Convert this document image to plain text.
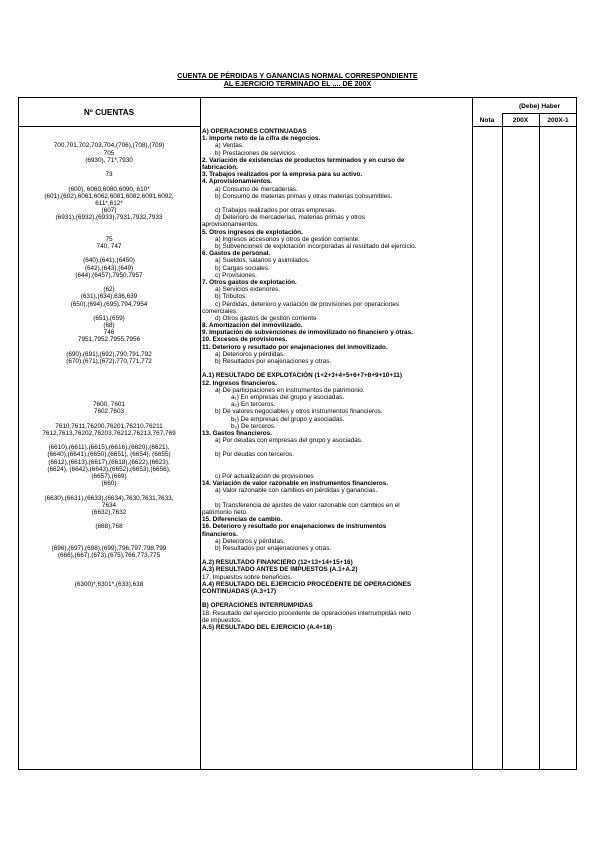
CUENTA DE PÉRDIDAS Y GANANCIAS NORMAL CORRESPONDIENTE
AL EJERCICIO TERMINADO EL .... DE 200X
Nº CUENTAS
Nota
(Debe) Haber
200X	200X-1
700,701,702,703,704,(706),(708),(709)
705
(6930), 71*,7930
73
(600), 6060,6080,6090, 610*
(601),(602),6061,6062,6081,6082,6091,6092,
611*,612*
(607)
(6931),(6932),(6933),7931,7932,7933
75
740, 747
(640),(641),(6450)
(642),(643),(649)
(644),(6457),7950,7957
(62)
(631),(634),636,639
(650),(694),(695),794,7954
(651),(659)
(68)
746
7951,7952,7955,7956
(690),(691),(692),790,791,792
(670),(671),(672),770,771,772
7600, 7601
7602,7603
7610,7611,76200,76201,76210,76211
7612,7613,76202,76203,76212,76213,767,769
(6610),(6611),(6615),(6616),(6620),(6621),
(6640),(6641),(6650),(6651), (6654), (6655)
(6612),(6613),(6617),(6618),(6622),(6623),
(6624), (6642),(6643),(6652),(6653),(6656),
(6657),(669)
(660)
(6630),(6631),(6633),(6634),7630,7631,7633,
7634
(6632),7632
(668),768
(696),(697),(698),(699),796,797,798,799
(666),(667),(673),(675),766,773,775
(6300)*,6301*,(633),638
A) OPERACIONES CONTINUADAS
1. Importe neto de la cifra de negocios.
a) Ventas.
b) Prestaciones de servicios.
2. Variación de existencias de productos terminados y en curso de
fabricación.
3. Trabajos realizados por la empresa para su activo.
4. Aprovisionamientos.
a) Consumo de mercaderías.
b) Consumo de materias primas y otras materias consumibles.
c) Trabajos realizados por otras empresas.
d) Deterioro de mercaderías, materias primas y otros
aprovisionamientos.
5. Otros ingresos de explotación.
a) Ingresos accesorios y otros de gestión corriente.
b) Subvenciones de explotación incorporadas al resultado del ejercicio.
6. Gastos de personal.
a) Sueldos, salarios y asimilados.
b) Cargas sociales.
c) Provisiones.
7. Otros gastos de explotación.
a) Servicios exteriores.
b) Tributos.
c) Pérdidas, deterioro y variación de provisiones por operaciones
comerciales.
d) Otros gastos de gestión corriente
8. Amortización del inmovilizado.
9. Imputación de subvenciones de inmovilizado no financiero y otras.
10. Excesos de provisiones.
11. Deterioro y resultado por enajenaciones del inmovilizado.
a) Deterioros y pérdidas.
b) Resultados por enajenaciones y otras.
A.1) RESULTADO DE EXPLOTACIÓN (1+2+3+4+5+6+7+8+9+10+11)
12. Ingresos financieros.
a) De participaciones en instrumentos de patrimonio.
a₁) En empresas del grupo y asociadas.
a₂) En terceros.
b) De valores negociables y otros instrumentos financieros.
b₁) De empresas del grupo y asociadas.
b₂) De terceros.
13. Gastos financieros.
a) Por deudas con empresas del grupo y asociadas.
b) Por deudas con terceros.
c) Por actualización de provisiones
14. Variación de valor razonable en instrumentos financieros.
a) Valor razonable con cambios en pérdidas y ganancias.
b) Transferencia de ajustes de valor razonable con cambios en el
patrimonio neto.
15. Diferencias de cambio.
16. Deterioro y resultado por enajenaciones de instrumentos
financieros.
a) Deterioros y pérdidas.
b) Resultados por enajenaciones y otras.
A.2) RESULTADO FINANCIERO (12+13+14+15+16)
A.3) RESULTADO ANTES DE IMPUESTOS (A.1+A.2)
17. Impuestos sobre beneficios.
A.4) RESULTADO DEL EJERCICIO PROCEDENTE DE OPERACIONES
CONTINUADAS (A.3+17)
B) OPERACIONES INTERRUMPIDAS
18. Resultado del ejercicio procedente de operaciones interrumpidas neto
de impuestos.
A.5) RESULTADO DEL EJERCICIO (A.4+18)
